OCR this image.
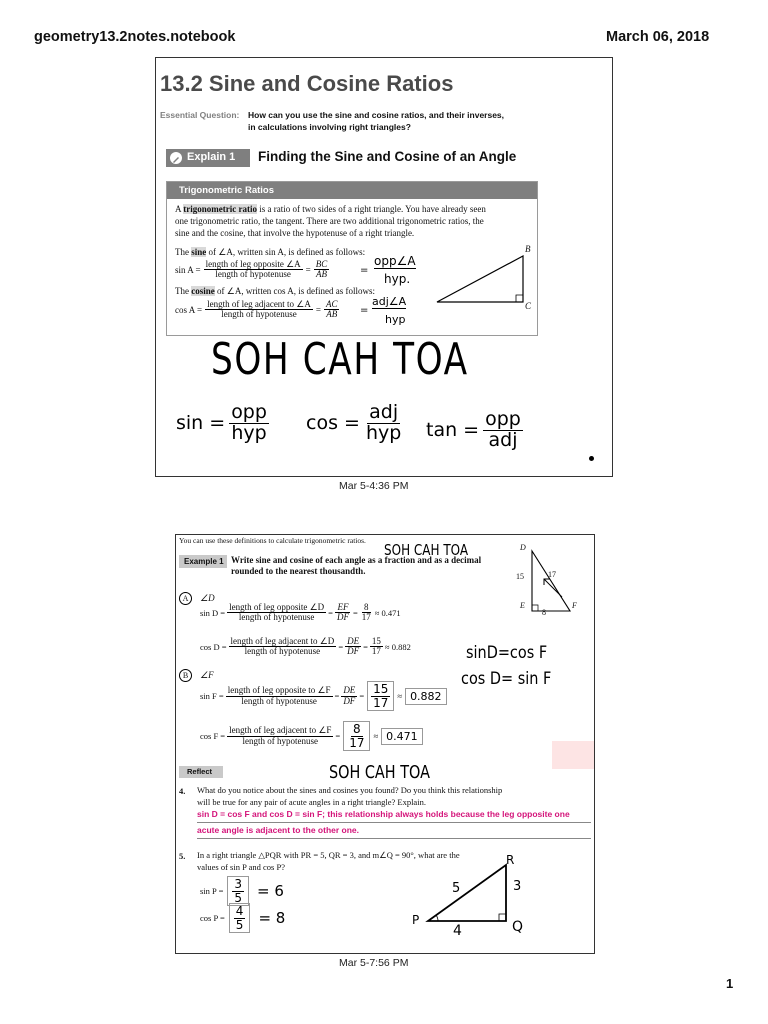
geometry13.2notes.notebook	March 06, 2018
13.2 Sine and Cosine Ratios
Essential Question: How can you use the sine and cosine ratios, and their inverses,
in calculations involving right triangles?
Explain 1 Finding the Sine and Cosine of an Angle
Trigonometric Ratios
A trigonometric ratio is a ratio of two sides of a right triangle. You have already seen
one trigonometric ratio, the tangent. There are two additional trigonometric ratios, the
sine and the cosine, that involve the hypotenuse of a right triangle.
The sine of ∠A, written sin A, is defined as follows:
$\sin A = \frac{\text{length of leg opposite ∠A}}{\text{length of hypotenuse}} = \frac{BC}{AB}$
The cosine of ∠A, written cos A, is defined as follows:
$\cos A = \frac{\text{length of leg adjacent to ∠A}}{\text{length of hypotenuse}} = \frac{AC}{AB}$
B
C
=
opp∠A
hyp.
=
adj∠A
hyp
SOH CAH TOA
$\sin = \frac{\text{opp}}{\text{hyp}}$ $\cos = \frac{\text{adj}}{\text{hyp}}$ $\tan = \frac{\text{opp}}{\text{adj}}$
Mar 5-4:36 PM
You can use these definitions to calculate trigonometric ratios.
Example 1 Write sine and cosine of each angle as a fraction and as a decimal
rounded to the nearest thousandth.
SOH CAH TOA	D
E	F
15	17
8
A	∠D
$\sin D = \frac{\text{length of leg opposite ∠D}}{\text{length of hypotenuse}} = \frac{EF}{DF} = \frac{8}{17} \approx 0.471$
$\cos D = \frac{\text{length of leg adjacent to ∠D}}{\text{length of hypotenuse}} = \frac{DE}{DF} = \frac{15}{17} \approx 0.882$
B	∠F
$\sin F = \frac{\text{length of leg opposite to ∠F}}{\text{length of hypotenuse}} = \frac{DE}{DF} = \frac{15}{17} \approx 0.882$
$\cos F = \frac{\text{length of leg adjacent to ∠F}}{\text{length of hypotenuse}} = \frac{8}{17} \approx 0.471$
sinD=cos F
cos D= sin F
Reflect	SOH CAH TOA
4. What do you notice about the sines and cosines you found? Do you think this relationship
will be true for any pair of acute angles in a right triangle? Explain.
sin D = cos F and cos D = sin F; this relationship always holds because the leg opposite one
acute angle is adjacent to the other one.
5. In a right triangle △PQR with PR = 5, QR = 3, and m∠Q = 90°, what are the
values of sin P and cos P?
$\sin P = \frac{3}{5} = 6$
$\cos P = \frac{4}{5} = 8$
R
P	Q
5	3
4
Mar 5-7:56 PM
1
